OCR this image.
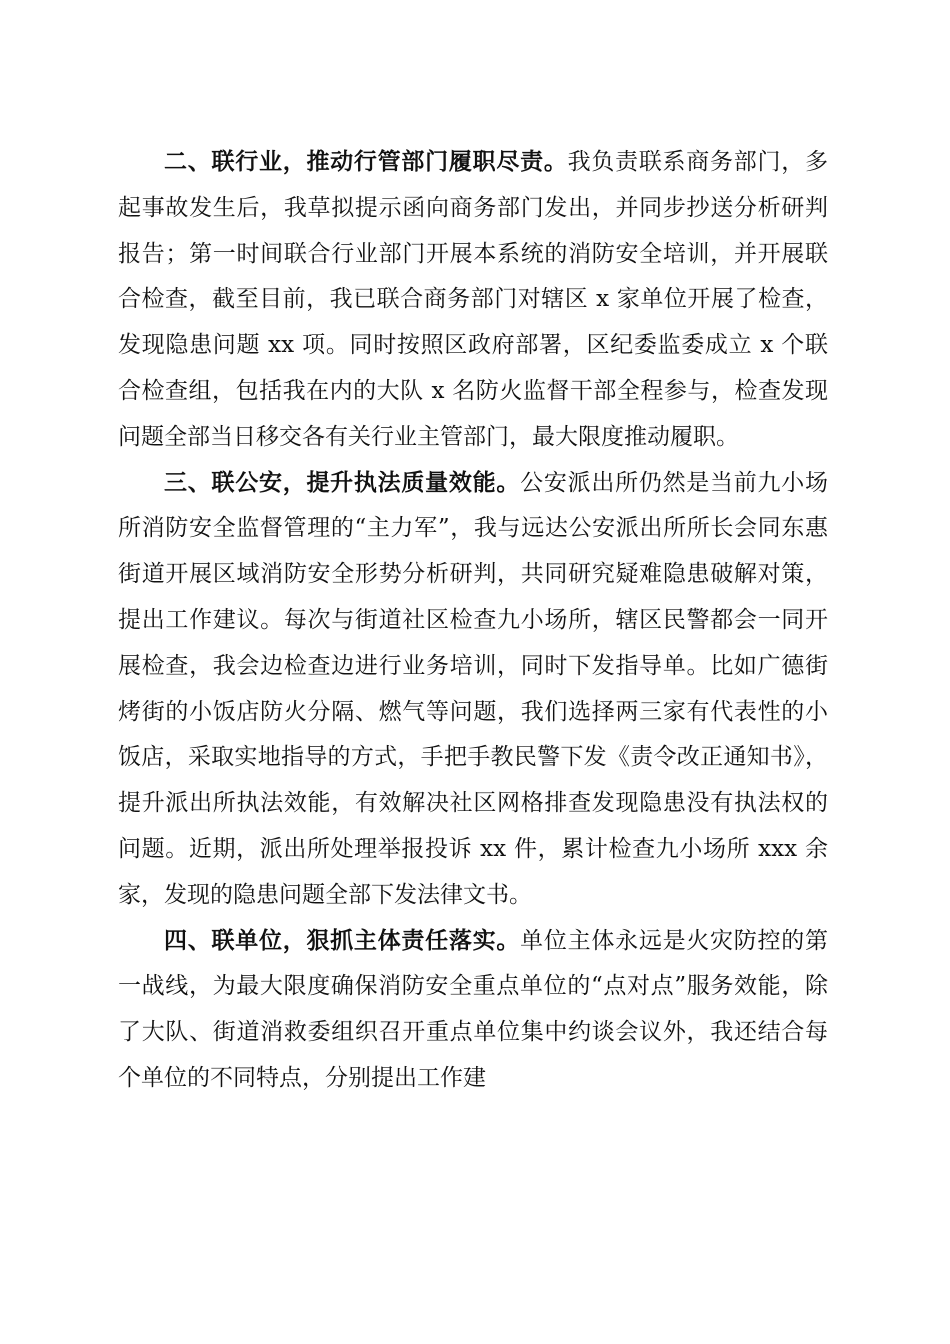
二、联行业，推动行管部门履职尽责。我负责联系商务部门，多起事故发生后，我草拟提示函向商务部门发出，并同步抄送分析研判报告；第一时间联合行业部门开展本系统的消防安全培训，并开展联合检查，截至目前，我已联合商务部门对辖区 x 家单位开展了检查，发现隐患问题 xx 项。同时按照区政府部署，区纪委监委成立 x 个联合检查组，包括我在内的大队 x 名防火监督干部全程参与，检查发现问题全部当日移交各有关行业主管部门，最大限度推动履职。

三、联公安，提升执法质量效能。公安派出所仍然是当前九小场所消防安全监督管理的“主力军”，我与远达公安派出所所长会同东惠街道开展区域消防安全形势分析研判，共同研究疑难隐患破解对策，提出工作建议。每次与街道社区检查九小场所，辖区民警都会一同开展检查，我会边检查边进行业务培训，同时下发指导单。比如广德街烤街的小饭店防火分隔、燃气等问题，我们选择两三家有代表性的小饭店，采取实地指导的方式，手把手教民警下发《责令改正通知书》，提升派出所执法效能，有效解决社区网格排查发现隐患没有执法权的问题。近期，派出所处理举报投诉 xx 件，累计检查九小场所 xxx 余家，发现的隐患问题全部下发法律文书。

四、联单位，狠抓主体责任落实。单位主体永远是火灾防控的第一战线，为最大限度确保消防安全重点单位的“点对点”服务效能，除了大队、街道消救委组织召开重点单位集中约谈会议外，我还结合每个单位的不同特点，分别提出工作建
